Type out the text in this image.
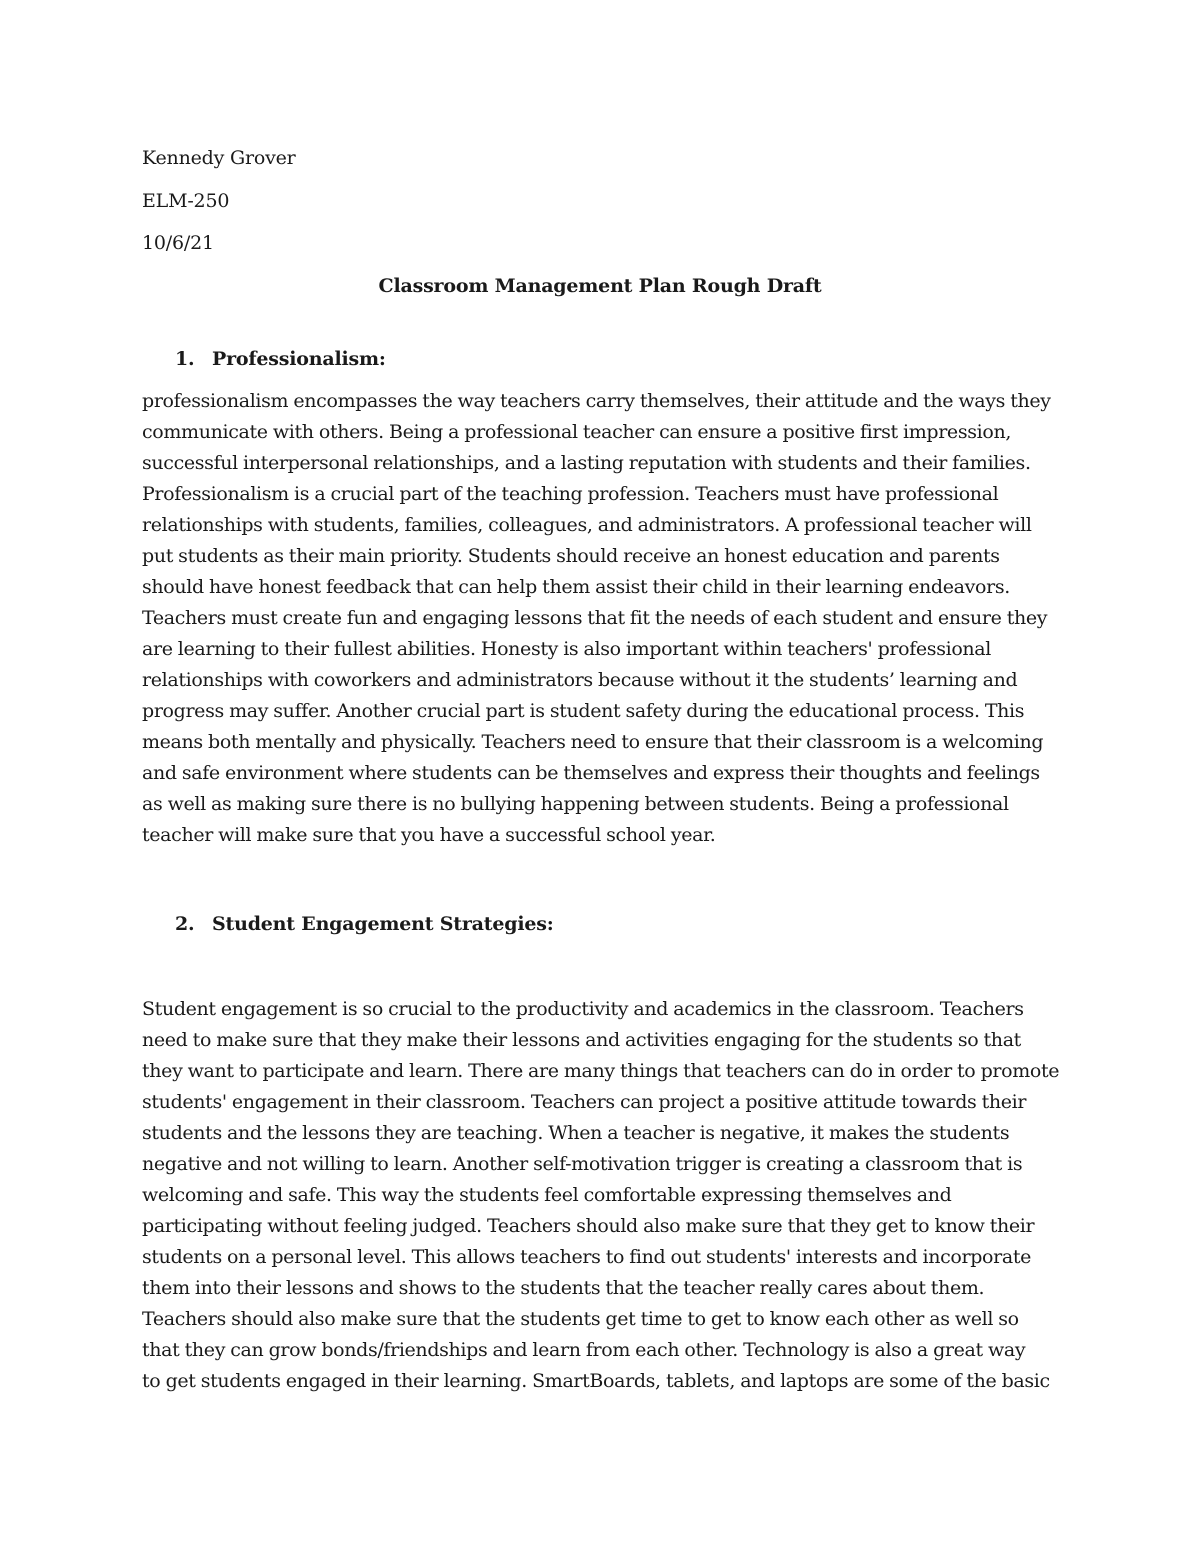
Kennedy Grover
ELM-250
10/6/21
Classroom Management Plan Rough Draft
1. Professionalism:
professionalism encompasses the way teachers carry themselves, their attitude and the ways they
communicate with others. Being a professional teacher can ensure a positive first impression,
successful interpersonal relationships, and a lasting reputation with students and their families.
Professionalism is a crucial part of the teaching profession. Teachers must have professional
relationships with students, families, colleagues, and administrators. A professional teacher will
put students as their main priority. Students should receive an honest education and parents
should have honest feedback that can help them assist their child in their learning endeavors.
Teachers must create fun and engaging lessons that fit the needs of each student and ensure they
are learning to their fullest abilities. Honesty is also important within teachers' professional
relationships with coworkers and administrators because without it the students’ learning and
progress may suffer. Another crucial part is student safety during the educational process. This
means both mentally and physically. Teachers need to ensure that their classroom is a welcoming
and safe environment where students can be themselves and express their thoughts and feelings
as well as making sure there is no bullying happening between students. Being a professional
teacher will make sure that you have a successful school year.
2. Student Engagement Strategies:
Student engagement is so crucial to the productivity and academics in the classroom. Teachers
need to make sure that they make their lessons and activities engaging for the students so that
they want to participate and learn. There are many things that teachers can do in order to promote
students' engagement in their classroom. Teachers can project a positive attitude towards their
students and the lessons they are teaching. When a teacher is negative, it makes the students
negative and not willing to learn. Another self-motivation trigger is creating a classroom that is
welcoming and safe. This way the students feel comfortable expressing themselves and
participating without feeling judged. Teachers should also make sure that they get to know their
students on a personal level. This allows teachers to find out students' interests and incorporate
them into their lessons and shows to the students that the teacher really cares about them.
Teachers should also make sure that the students get time to get to know each other as well so
that they can grow bonds/friendships and learn from each other. Technology is also a great way
to get students engaged in their learning. SmartBoards, tablets, and laptops are some of the basic
